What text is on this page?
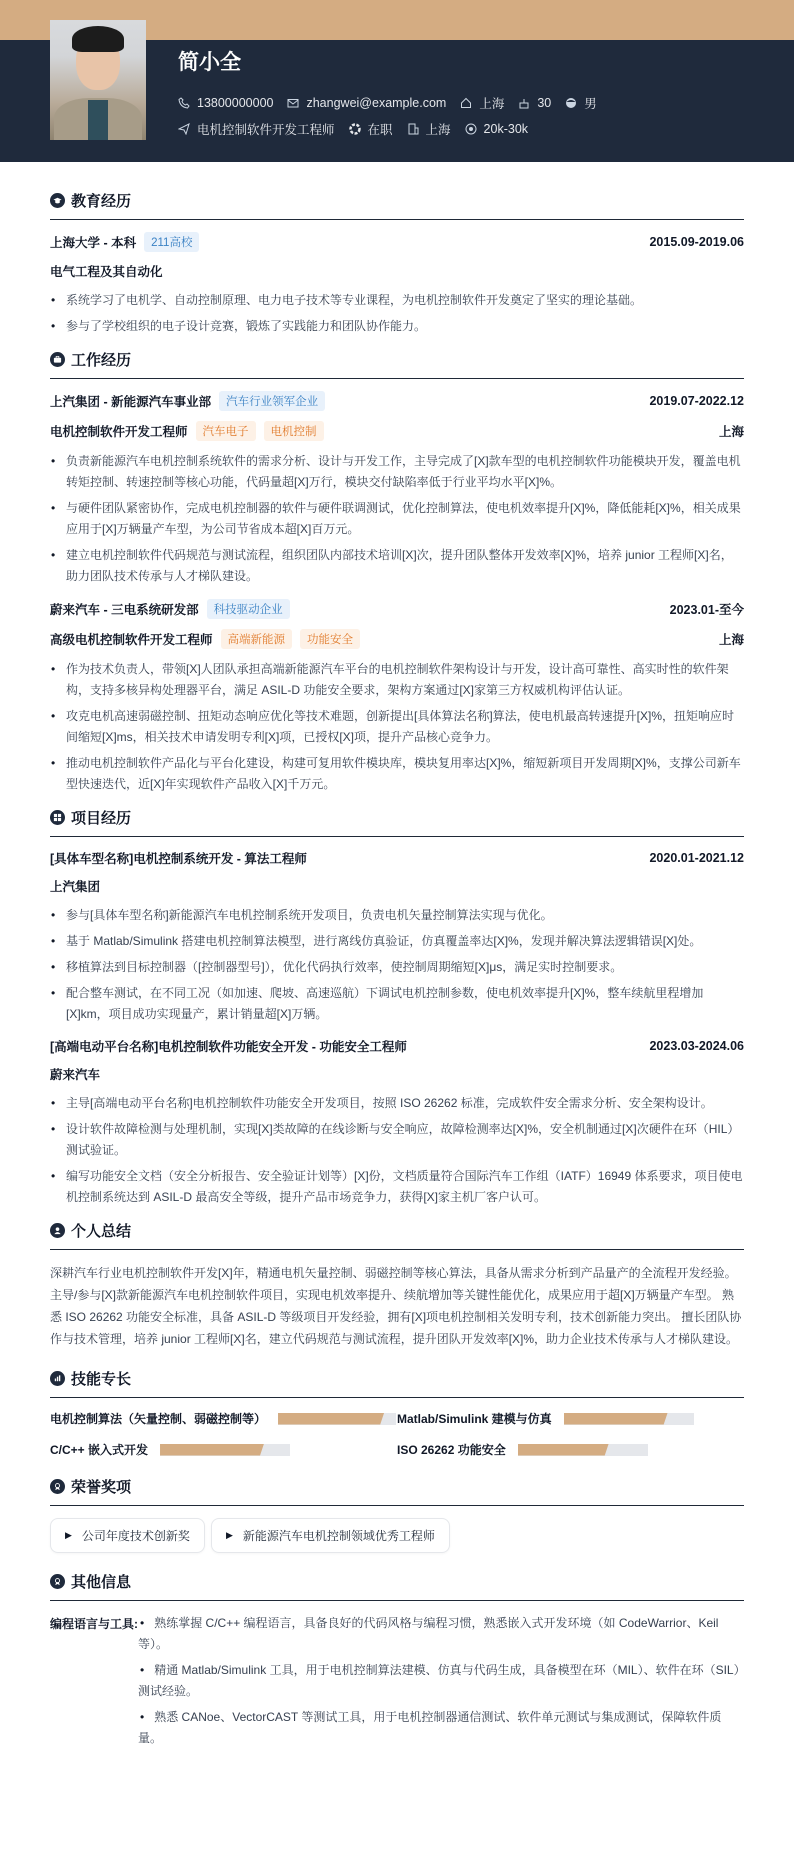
简小全
13800000000	zhangwei@example.com	上海	30	男
电机控制软件开发工程师	在职	上海	20k-30k
教育经历
上海大学 - 本科	211高校	2015.09-2019.06
电气工程及其自动化
• 系统学习了电机学、自动控制原理、电力电子技术等专业课程，为电机控制软件开发奠定了坚实的理论基础。
• 参与了学校组织的电子设计竞赛，锻炼了实践能力和团队协作能力。
工作经历
上汽集团 - 新能源汽车事业部	汽车行业领军企业	2019.07-2022.12
电机控制软件开发工程师	汽车电子	电机控制	上海
• 负责新能源汽车电机控制系统软件的需求分析、设计与开发工作，主导完成了[X]款车型的电机控制软件功能模块开发，覆盖电机转矩控制、转速控制等核心功能，代码量超[X]万行，模块交付缺陷率低于行业平均水平[X]%。
• 与硬件团队紧密协作，完成电机控制器的软件与硬件联调测试，优化控制算法，使电机效率提升[X]%，降低能耗[X]%，相关成果应用于[X]万辆量产车型，为公司节省成本超[X]百万元。
• 建立电机控制软件代码规范与测试流程，组织团队内部技术培训[X]次，提升团队整体开发效率[X]%，培养 junior 工程师[X]名，助力团队技术传承与人才梯队建设。
蔚来汽车 - 三电系统研发部	科技驱动企业	2023.01-至今
高级电机控制软件开发工程师	高端新能源	功能安全	上海
• 作为技术负责人，带领[X]人团队承担高端新能源汽车平台的电机控制软件架构设计与开发，设计高可靠性、高实时性的软件架构，支持多核异构处理器平台，满足 ASIL-D 功能安全要求，架构方案通过[X]家第三方权威机构评估认证。
• 攻克电机高速弱磁控制、扭矩动态响应优化等技术难题，创新提出[具体算法名称]算法，使电机最高转速提升[X]%，扭矩响应时间缩短[X]ms，相关技术申请发明专利[X]项，已授权[X]项，提升产品核心竞争力。
• 推动电机控制软件产品化与平台化建设，构建可复用软件模块库，模块复用率达[X]%，缩短新项目开发周期[X]%，支撑公司新车型快速迭代，近[X]年实现软件产品收入[X]千万元。
项目经历
[具体车型名称]电机控制系统开发 - 算法工程师	2020.01-2021.12
上汽集团
• 参与[具体车型名称]新能源汽车电机控制系统开发项目，负责电机矢量控制算法实现与优化。
• 基于 Matlab/Simulink 搭建电机控制算法模型，进行离线仿真验证，仿真覆盖率达[X]%，发现并解决算法逻辑错误[X]处。
• 移植算法到目标控制器（[控制器型号]），优化代码执行效率，使控制周期缩短[X]μs，满足实时控制要求。
• 配合整车测试，在不同工况（如加速、爬坡、高速巡航）下调试电机控制参数，使电机效率提升[X]%，整车续航里程增加[X]km，项目成功实现量产，累计销量超[X]万辆。
[高端电动平台名称]电机控制软件功能安全开发 - 功能安全工程师	2023.03-2024.06
蔚来汽车
• 主导[高端电动平台名称]电机控制软件功能安全开发项目，按照 ISO 26262 标准，完成软件安全需求分析、安全架构设计。
• 设计软件故障检测与处理机制，实现[X]类故障的在线诊断与安全响应，故障检测率达[X]%，安全机制通过[X]次硬件在环（HIL）测试验证。
• 编写功能安全文档（安全分析报告、安全验证计划等）[X]份，文档质量符合国际汽车工作组（IATF）16949 体系要求，项目使电机控制系统达到 ASIL-D 最高安全等级，提升产品市场竞争力，获得[X]家主机厂客户认可。
个人总结
深耕汽车行业电机控制软件开发[X]年，精通电机矢量控制、弱磁控制等核心算法，具备从需求分析到产品量产的全流程开发经验。主导/参与[X]款新能源汽车电机控制软件项目，实现电机效率提升、续航增加等关键性能优化，成果应用于超[X]万辆量产车型。 熟悉 ISO 26262 功能安全标准，具备 ASIL-D 等级项目开发经验，拥有[X]项电机控制相关发明专利，技术创新能力突出。 擅长团队协作与技术管理，培养 junior 工程师[X]名，建立代码规范与测试流程，提升团队开发效率[X]%，助力企业技术传承与人才梯队建设。
技能专长
电机控制算法（矢量控制、弱磁控制等）	Matlab/Simulink 建模与仿真
C/C++ 嵌入式开发	ISO 26262 功能安全
荣誉奖项
▶ 公司年度技术创新奖	▶ 新能源汽车电机控制领域优秀工程师
其他信息
编程语言与工具:	• 熟练掌握 C/C++ 编程语言，具备良好的代码风格与编程习惯，熟悉嵌入式开发环境（如 CodeWarrior、Keil 等）。
• 精通 Matlab/Simulink 工具，用于电机控制算法建模、仿真与代码生成，具备模型在环（MIL）、软件在环（SIL）测试经验。
• 熟悉 CANoe、VectorCAST 等测试工具，用于电机控制器通信测试、软件单元测试与集成测试，保障软件质量。
